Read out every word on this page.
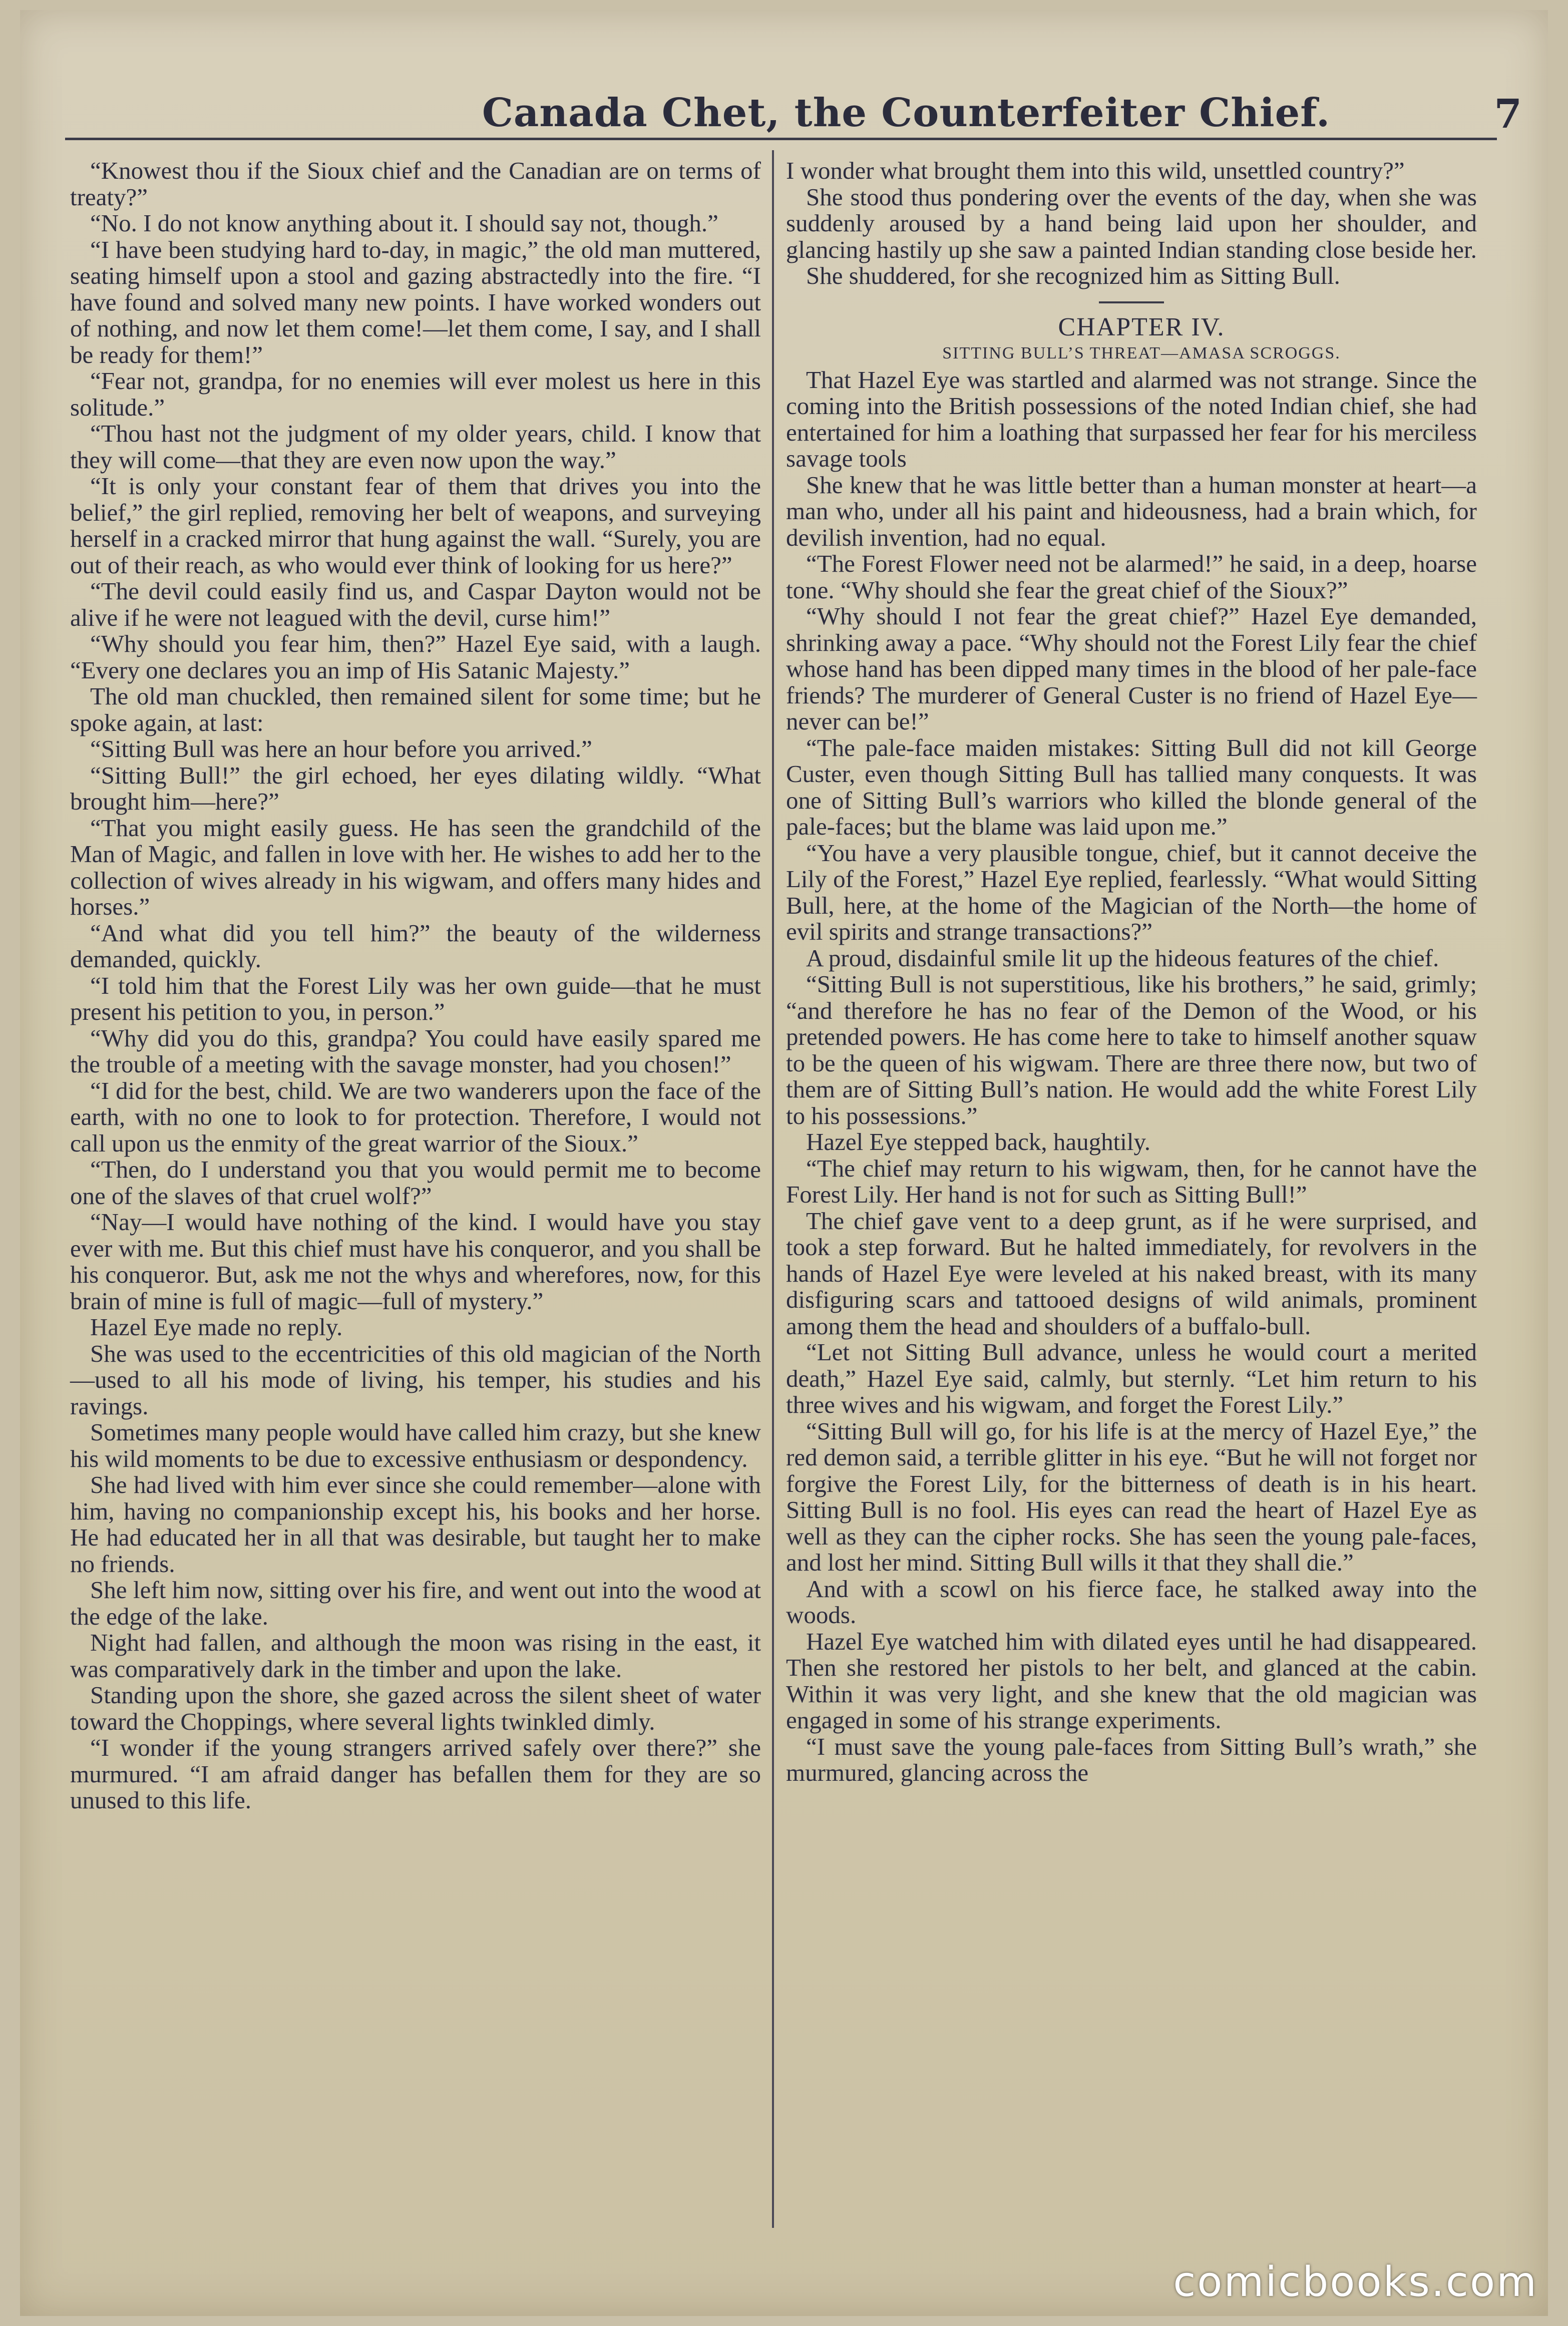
Canada Chet, the Counterfeiter Chief.	7

“Knowest thou if the Sioux chief and the Canadian are on terms of treaty?”

“No. I do not know anything about it. I should say not, though.”

“I have been studying hard to-day, in magic,” the old man muttered, seating himself upon a stool and gazing abstractedly into the fire. “I have found and solved many new points. I have worked wonders out of nothing, and now let them come!—let them come, I say, and I shall be ready for them!”

“Fear not, grandpa, for no enemies will ever molest us here in this solitude.”

“Thou hast not the judgment of my older years, child. I know that they will come—that they are even now upon the way.”

“It is only your constant fear of them that drives you into the belief,” the girl replied, removing her belt of weapons, and surveying herself in a cracked mirror that hung against the wall. “Surely, you are out of their reach, as who would ever think of looking for us here?”

“The devil could easily find us, and Caspar Dayton would not be alive if he were not leagued with the devil, curse him!”

“Why should you fear him, then?” Hazel Eye said, with a laugh. “Every one declares you an imp of His Satanic Majesty.”

The old man chuckled, then remained silent for some time; but he spoke again, at last:

“Sitting Bull was here an hour before you arrived.”

“Sitting Bull!” the girl echoed, her eyes dilating wildly. “What brought him—here?”

“That you might easily guess. He has seen the grandchild of the Man of Magic, and fallen in love with her. He wishes to add her to the collection of wives already in his wigwam, and offers many hides and horses.”

“And what did you tell him?” the beauty of the wilderness demanded, quickly.

“I told him that the Forest Lily was her own guide—that he must present his petition to you, in person.”

“Why did you do this, grandpa? You could have easily spared me the trouble of a meeting with the savage monster, had you chosen!”

“I did for the best, child. We are two wanderers upon the face of the earth, with no one to look to for protection. Therefore, I would not call upon us the enmity of the great warrior of the Sioux.”

“Then, do I understand you that you would permit me to become one of the slaves of that cruel wolf?”

“Nay—I would have nothing of the kind. I would have you stay ever with me. But this chief must have his conqueror, and you shall be his conqueror. But, ask me not the whys and wherefores, now, for this brain of mine is full of magic—full of mystery.”

Hazel Eye made no reply.

She was used to the eccentricities of this old magician of the North—used to all his mode of living, his temper, his studies and his ravings.

Sometimes many people would have called him crazy, but she knew his wild moments to be due to excessive enthusiasm or despondency.

She had lived with him ever since she could remember—alone with him, having no companionship except his, his books and her horse. He had educated her in all that was desirable, but taught her to make no friends.

She left him now, sitting over his fire, and went out into the wood at the edge of the lake.

Night had fallen, and although the moon was rising in the east, it was comparatively dark in the timber and upon the lake.

Standing upon the shore, she gazed across the silent sheet of water toward the Choppings, where several lights twinkled dimly.

“I wonder if the young strangers arrived safely over there?” she murmured. “I am afraid danger has befallen them for they are so unused to this life.

I wonder what brought them into this wild, unsettled country?”

She stood thus pondering over the events of the day, when she was suddenly aroused by a hand being laid upon her shoulder, and glancing hastily up she saw a painted Indian standing close beside her.

She shuddered, for she recognized him as Sitting Bull.

CHAPTER IV.

SITTING BULL’S THREAT—AMASA SCROGGS.

That Hazel Eye was startled and alarmed was not strange. Since the coming into the British possessions of the noted Indian chief, she had entertained for him a loathing that surpassed her fear for his merciless savage tools

She knew that he was little better than a human monster at heart—a man who, under all his paint and hideousness, had a brain which, for devilish invention, had no equal.

“The Forest Flower need not be alarmed!” he said, in a deep, hoarse tone. “Why should she fear the great chief of the Sioux?”

“Why should I not fear the great chief?” Hazel Eye demanded, shrinking away a pace. “Why should not the Forest Lily fear the chief whose hand has been dipped many times in the blood of her pale-face friends? The murderer of General Custer is no friend of Hazel Eye—never can be!”

“The pale-face maiden mistakes: Sitting Bull did not kill George Custer, even though Sitting Bull has tallied many conquests. It was one of Sitting Bull’s warriors who killed the blonde general of the pale-faces; but the blame was laid upon me.”

“You have a very plausible tongue, chief, but it cannot deceive the Lily of the Forest,” Hazel Eye replied, fearlessly. “What would Sitting Bull, here, at the home of the Magician of the North—the home of evil spirits and strange transactions?”

A proud, disdainful smile lit up the hideous features of the chief.

“Sitting Bull is not superstitious, like his brothers,” he said, grimly; “and therefore he has no fear of the Demon of the Wood, or his pretended powers. He has come here to take to himself another squaw to be the queen of his wigwam. There are three there now, but two of them are of Sitting Bull’s nation. He would add the white Forest Lily to his possessions.”

Hazel Eye stepped back, haughtily.

“The chief may return to his wigwam, then, for he cannot have the Forest Lily. Her hand is not for such as Sitting Bull!”

The chief gave vent to a deep grunt, as if he were surprised, and took a step forward. But he halted immediately, for revolvers in the hands of Hazel Eye were leveled at his naked breast, with its many disfiguring scars and tattooed designs of wild animals, prominent among them the head and shoulders of a buffalo-bull.

“Let not Sitting Bull advance, unless he would court a merited death,” Hazel Eye said, calmly, but sternly. “Let him return to his three wives and his wigwam, and forget the Forest Lily.”

“Sitting Bull will go, for his life is at the mercy of Hazel Eye,” the red demon said, a terrible glitter in his eye. “But he will not forget nor forgive the Forest Lily, for the bitterness of death is in his heart. Sitting Bull is no fool. His eyes can read the heart of Hazel Eye as well as they can the cipher rocks. She has seen the young pale-faces, and lost her mind. Sitting Bull wills it that they shall die.”

And with a scowl on his fierce face, he stalked away into the woods.

Hazel Eye watched him with dilated eyes until he had disappeared. Then she restored her pistols to her belt, and glanced at the cabin. Within it was very light, and she knew that the old magician was engaged in some of his strange experiments.

“I must save the young pale-faces from Sitting Bull’s wrath,” she murmured, glancing across the

comicbooks.com
